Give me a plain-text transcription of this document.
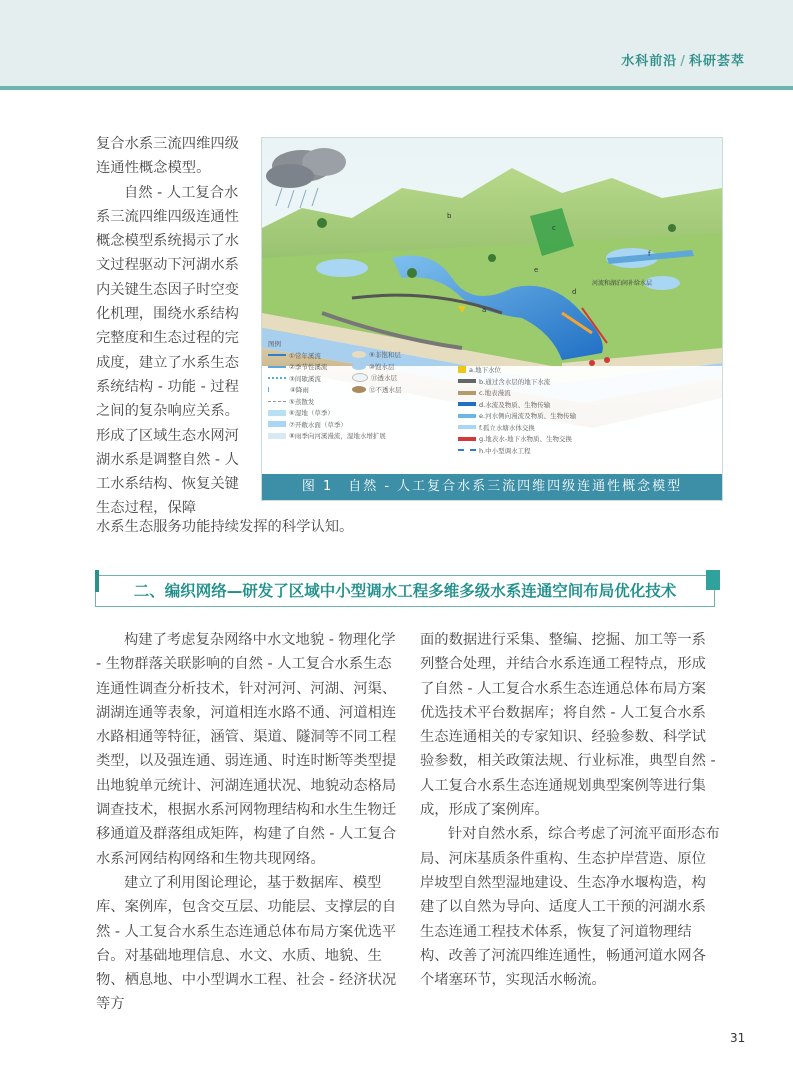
水科前沿 / 科研荟萃

复合水系三流四维四级连通性概念模型。

自然 - 人工复合水系三流四维四级连通性概念模型系统揭示了水文过程驱动下河湖水系内关键生态因子时空变化机理，围绕水系结构完整度和生态过程的完成度，建立了水系生态系统结构 - 功能 - 过程之间的复杂响应关系。形成了区域生态水网河湖水系是调整自然 - 人工水系结构、恢复关键生态过程，保障

水系生态服务功能持续发挥的科学认知。
b
c
d
e
f
a
河流和湖泊间补给水层
图例
①常年溪流
②季节性溪流
③间歇溪流
④降雨
⑤蒸散发
⑥湿地（草季）
⑦开敞水面（草季）
⑧雨季向河溪漫流，湿地水增扩展
⑨非饱和层
⑩饱水层
⑪透水层
⑫不透水层
a.地下水位
b.通过含水层的地下水流
c.地表漫流
d.水流及物质、生物传输
e.河水侧向漫流及物质、生物传输
f.孤立水塘水体交换
g.地表水-地下水物质、生物交换
h.中小型调水工程
图 1　自然 - 人工复合水系三流四维四级连通性概念模型
二、编织网络—研发了区域中小型调水工程多维多级水系连通空间布局优化技术

构建了考虑复杂网络中水文地貌 - 物理化学 - 生物群落关联影响的自然 - 人工复合水系生态连通性调查分析技术，针对河河、河湖、河渠、湖湖连通等表象，河道相连水路不通、河道相连水路相通等特征，涵管、渠道、隧洞等不同工程类型，以及强连通、弱连通、时连时断等类型提出地貌单元统计、河湖连通状况、地貌动态格局调查技术，根据水系河网物理结构和水生生物迁移通道及群落组成矩阵，构建了自然 - 人工复合水系河网结构网络和生物共现网络。

建立了利用图论理论，基于数据库、模型库、案例库，包含交互层、功能层、支撑层的自然 - 人工复合水系生态连通总体布局方案优选平台。对基础地理信息、水文、水质、地貌、生物、栖息地、中小型调水工程、社会 - 经济状况等方

面的数据进行采集、整编、挖掘、加工等一系列整合处理，并结合水系连通工程特点，形成了自然 - 人工复合水系生态连通总体布局方案优选技术平台数据库；将自然 - 人工复合水系生态连通相关的专家知识、经验参数、科学试验参数，相关政策法规、行业标准，典型自然 - 人工复合水系生态连通规划典型案例等进行集成，形成了案例库。

针对自然水系，综合考虑了河流平面形态布局、河床基质条件重构、生态护岸营造、原位岸坡型自然型湿地建设、生态净水堰构造，构建了以自然为导向、适度人工干预的河湖水系生态连通工程技术体系，恢复了河道物理结构、改善了河流四维连通性，畅通河道水网各个堵塞环节，实现活水畅流。

31
